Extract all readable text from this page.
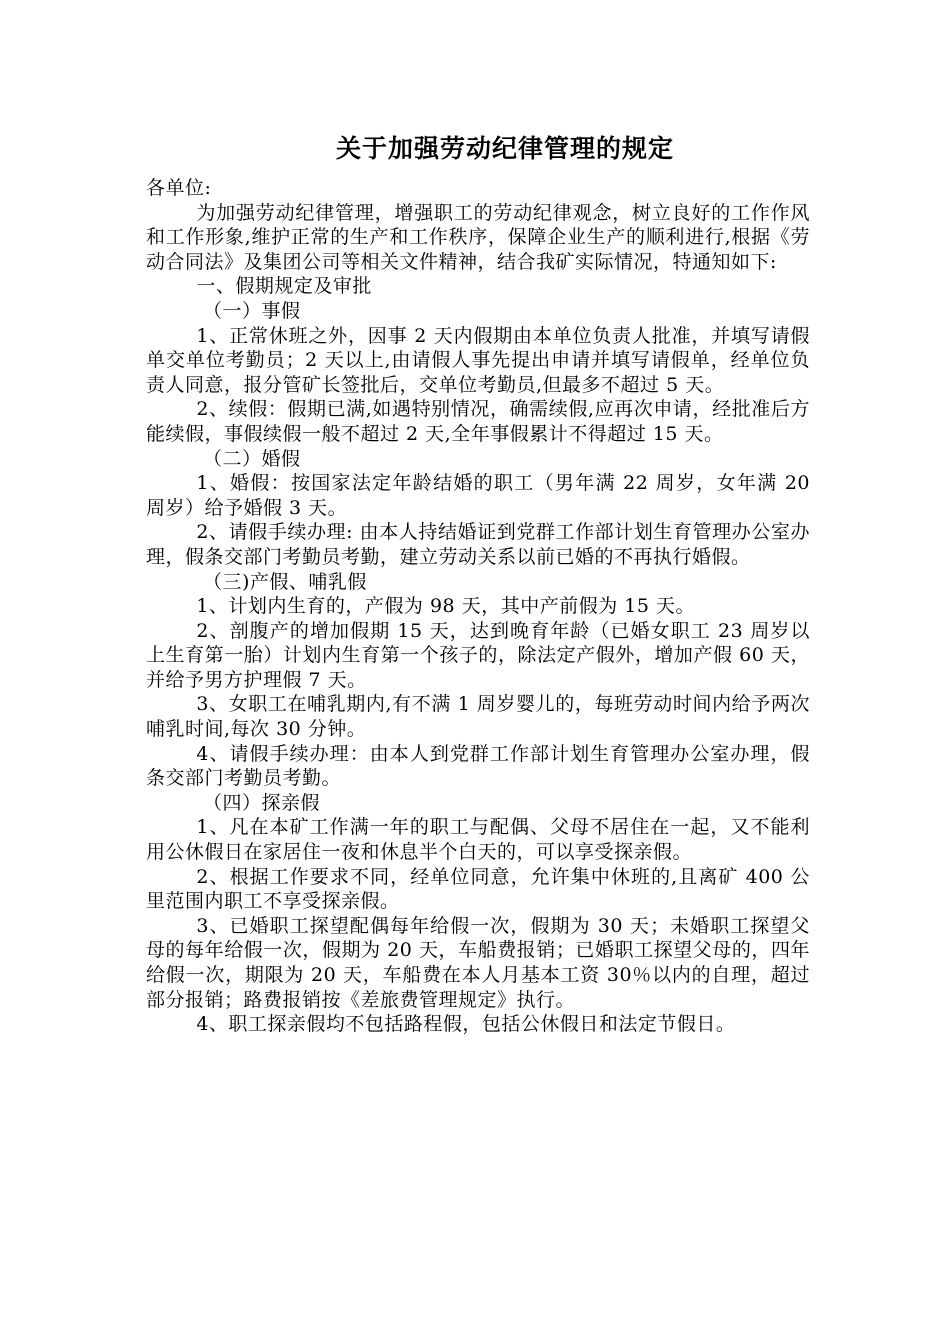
关于加强劳动纪律管理的规定

各单位:

为加强劳动纪律管理，增强职工的劳动纪律观念，树立良好的工作作风和工作形象,维护正常的生产和工作秩序，保障企业生产的顺利进行,根据《劳动合同法》及集团公司等相关文件精神，结合我矿实际情况，特通知如下:

一、假期规定及审批

（一）事假

1、正常休班之外，因事 2 天内假期由本单位负责人批准，并填写请假单交单位考勤员；2 天以上,由请假人事先提出申请并填写请假单，经单位负责人同意，报分管矿长签批后，交单位考勤员,但最多不超过 5 天。

2、续假：假期已满,如遇特别情况，确需续假,应再次申请，经批准后方能续假，事假续假一般不超过 2 天,全年事假累计不得超过 15 天。

（二）婚假

1、婚假：按国家法定年龄结婚的职工（男年满 22 周岁，女年满 20 周岁）给予婚假 3 天。

2、请假手续办理: 由本人持结婚证到党群工作部计划生育管理办公室办理，假条交部门考勤员考勤，建立劳动关系以前已婚的不再执行婚假。

（三)产假、哺乳假

1、计划内生育的，产假为 98 天，其中产前假为 15 天。

2、剖腹产的增加假期 15 天，达到晚育年龄（已婚女职工 23 周岁以上生育第一胎）计划内生育第一个孩子的，除法定产假外，增加产假 60 天，并给予男方护理假 7 天。

3、女职工在哺乳期内,有不满 1 周岁婴儿的，每班劳动时间内给予两次哺乳时间,每次 30 分钟。

4、请假手续办理：由本人到党群工作部计划生育管理办公室办理，假条交部门考勤员考勤。

（四）探亲假

1、凡在本矿工作满一年的职工与配偶、父母不居住在一起，又不能利用公休假日在家居住一夜和休息半个白天的，可以享受探亲假。

2、根据工作要求不同，经单位同意，允许集中休班的,且离矿 400 公里范围内职工不享受探亲假。

3、已婚职工探望配偶每年给假一次，假期为 30 天；未婚职工探望父母的每年给假一次，假期为 20 天，车船费报销；已婚职工探望父母的，四年给假一次，期限为 20 天，车船费在本人月基本工资 30％以内的自理，超过部分报销；路费报销按《差旅费管理规定》执行。

4、职工探亲假均不包括路程假，包括公休假日和法定节假日。
